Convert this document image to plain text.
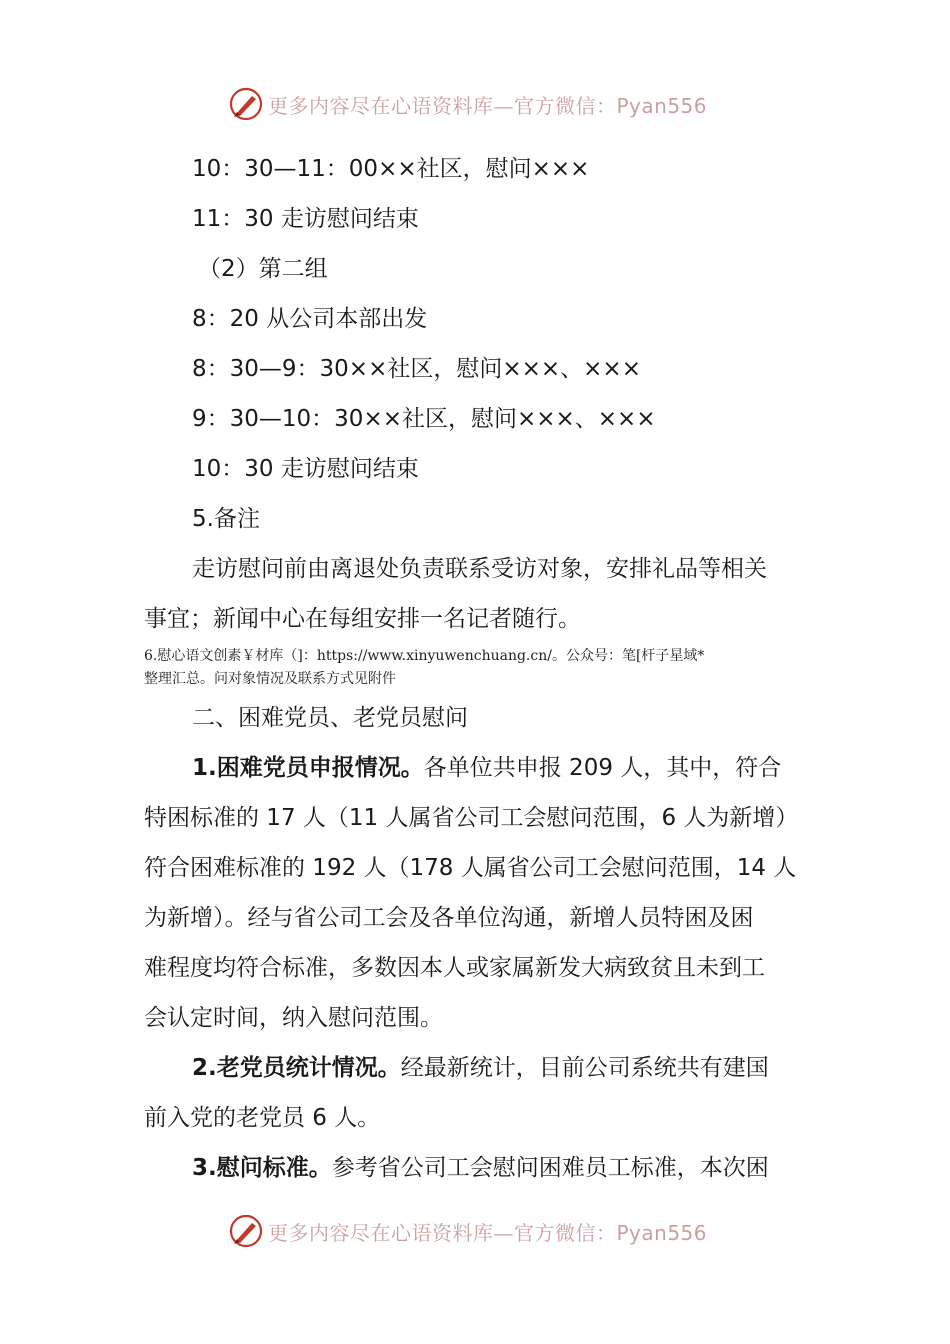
更多内容尽在心语资料库—官方微信：Pyan556
10：30—11：00××社区，慰问×××
11：30 走访慰问结束
（2）第二组
8：20 从公司本部出发
8：30—9：30××社区，慰问×××、×××
9：30—10：30××社区，慰问×××、×××
10：30 走访慰问结束
5.备注
走访慰问前由离退处负责联系受访对象，安排礼品等相关
事宜；新闻中心在每组安排一名记者随行。
6.慰心语文创素￥材库（]：https://www.xinyuwenchuang.cn/。公众号：笔[杆子星域*
整理汇总。问对象情况及联系方式见附件
二、困难党员、老党员慰问
1.困难党员申报情况。各单位共申报 209 人，其中，符合
特困标准的 17 人（11 人属省公司工会慰问范围，6 人为新增）
符合困难标准的 192 人（178 人属省公司工会慰问范围，14 人
为新增）。经与省公司工会及各单位沟通，新增人员特困及困
难程度均符合标准，多数因本人或家属新发大病致贫且未到工
会认定时间，纳入慰问范围。
2.老党员统计情况。经最新统计，目前公司系统共有建国
前入党的老党员 6 人。
3.慰问标准。参考省公司工会慰问困难员工标准，本次困
更多内容尽在心语资料库—官方微信：Pyan556
